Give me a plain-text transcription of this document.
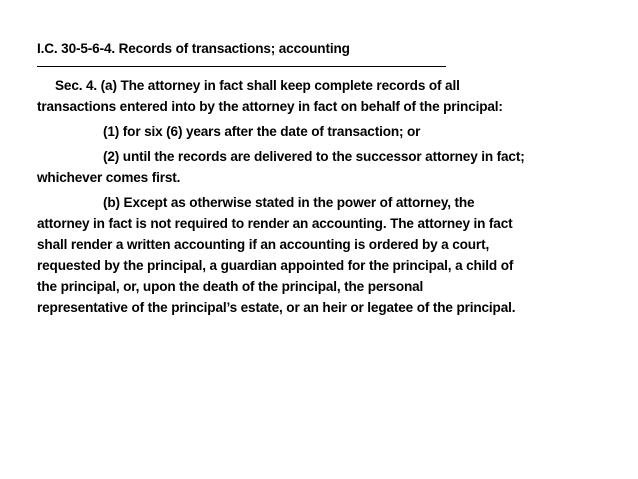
I.C. 30-5-6-4. Records of transactions; accounting
Sec. 4. (a) The attorney in fact shall keep complete records of all
transactions entered into by the attorney in fact on behalf of the principal:
(1) for six (6) years after the date of transaction; or
(2) until the records are delivered to the successor attorney in fact;
whichever comes first.
(b) Except as otherwise stated in the power of attorney, the
attorney in fact is not required to render an accounting. The attorney in fact
shall render a written accounting if an accounting is ordered by a court,
requested by the principal, a guardian appointed for the principal, a child of
the principal, or, upon the death of the principal, the personal
representative of the principal’s estate, or an heir or legatee of the principal.
